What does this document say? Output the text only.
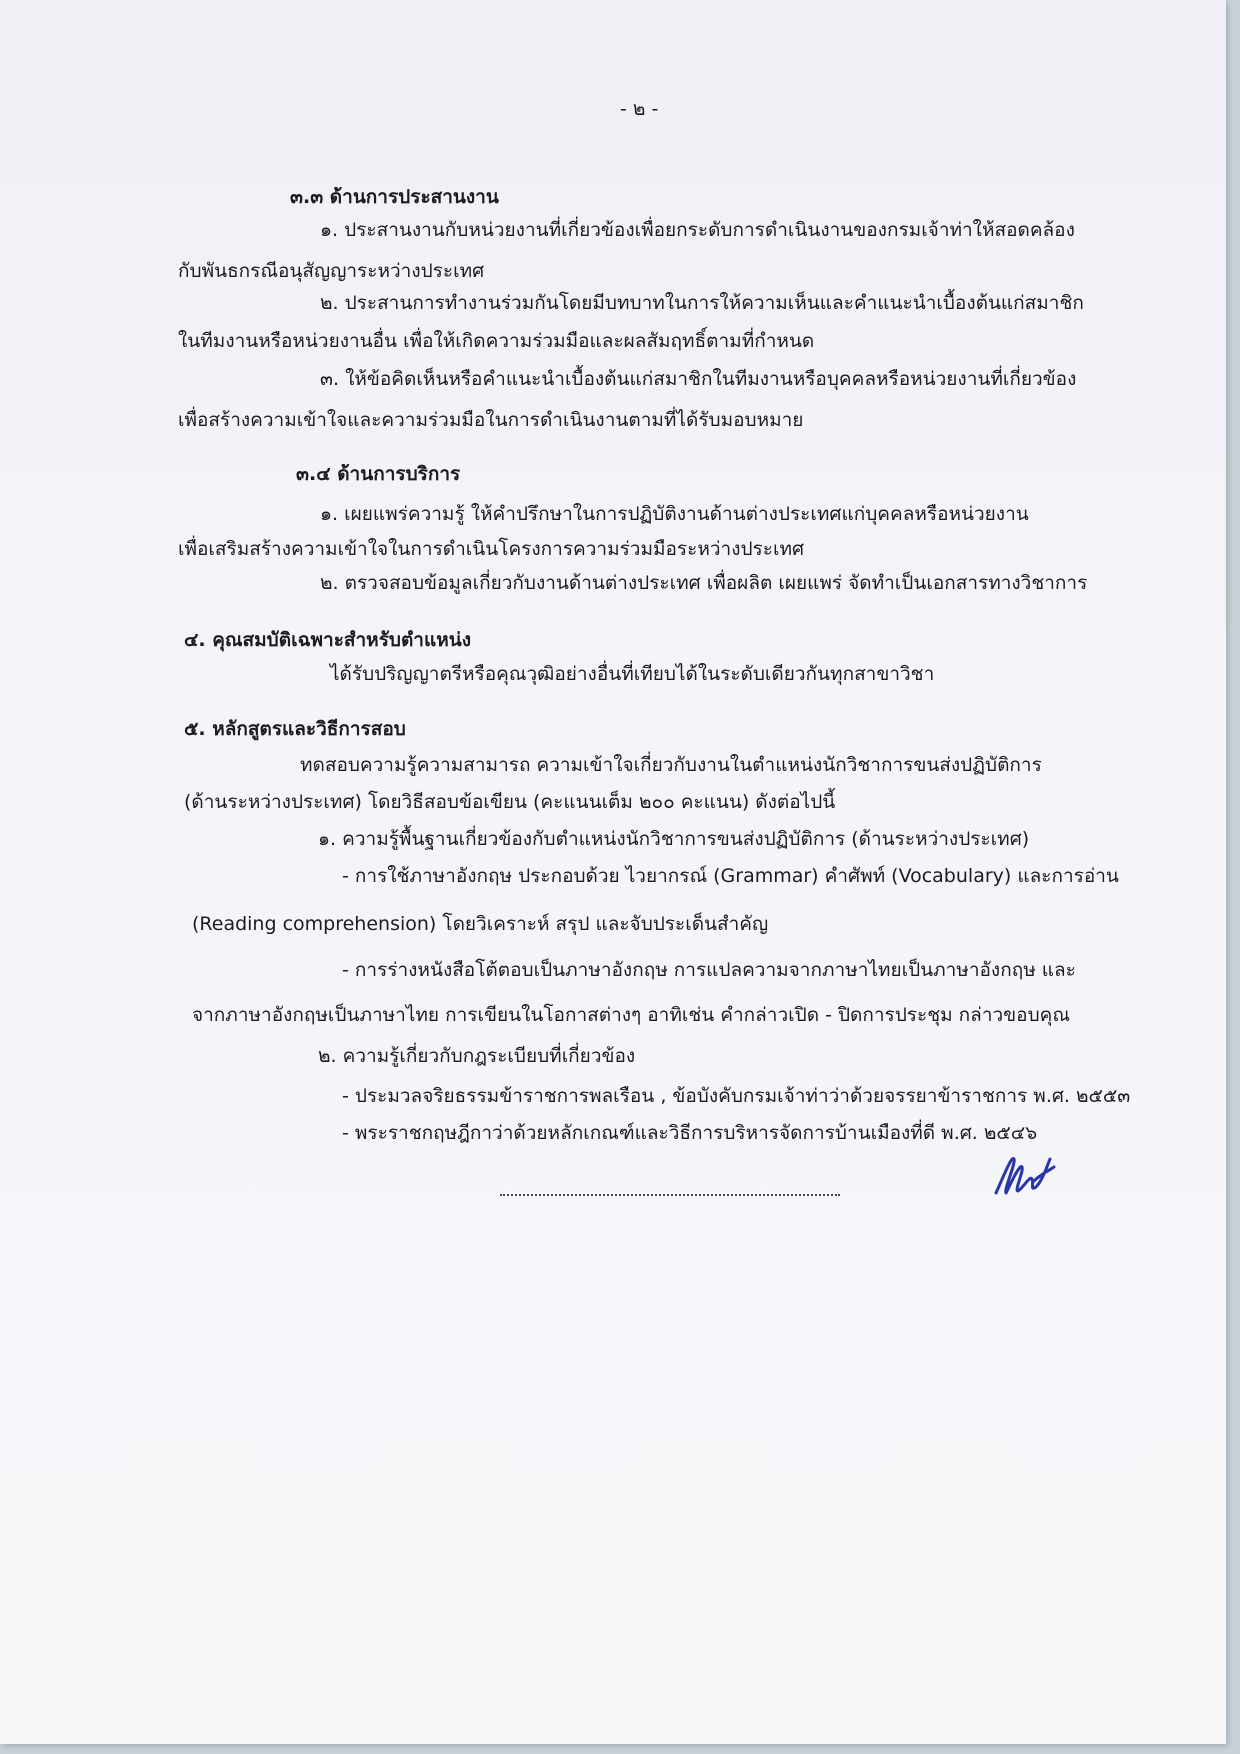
- ๒ -
๓.๓ ด้านการประสานงาน
๑. ประสานงานกับหน่วยงานที่เกี่ยวข้องเพื่อยกระดับการดำเนินงานของกรมเจ้าท่าให้สอดคล้อง
กับพันธกรณีอนุสัญญาระหว่างประเทศ
๒. ประสานการทำงานร่วมกันโดยมีบทบาทในการให้ความเห็นและคำแนะนำเบื้องต้นแก่สมาชิก
ในทีมงานหรือหน่วยงานอื่น เพื่อให้เกิดความร่วมมือและผลสัมฤทธิ์ตามที่กำหนด
๓. ให้ข้อคิดเห็นหรือคำแนะนำเบื้องต้นแก่สมาชิกในทีมงานหรือบุคคลหรือหน่วยงานที่เกี่ยวข้อง
เพื่อสร้างความเข้าใจและความร่วมมือในการดำเนินงานตามที่ได้รับมอบหมาย
๓.๔ ด้านการบริการ
๑. เผยแพร่ความรู้ ให้คำปรึกษาในการปฏิบัติงานด้านต่างประเทศแก่บุคคลหรือหน่วยงาน
เพื่อเสริมสร้างความเข้าใจในการดำเนินโครงการความร่วมมือระหว่างประเทศ
๒. ตรวจสอบข้อมูลเกี่ยวกับงานด้านต่างประเทศ เพื่อผลิต เผยแพร่ จัดทำเป็นเอกสารทางวิชาการ
๔. คุณสมบัติเฉพาะสำหรับตำแหน่ง
ได้รับปริญญาตรีหรือคุณวุฒิอย่างอื่นที่เทียบได้ในระดับเดียวกันทุกสาขาวิชา
๕. หลักสูตรและวิธีการสอบ
ทดสอบความรู้ความสามารถ ความเข้าใจเกี่ยวกับงานในตำแหน่งนักวิชาการขนส่งปฏิบัติการ
(ด้านระหว่างประเทศ) โดยวิธีสอบข้อเขียน (คะแนนเต็ม ๒๐๐ คะแนน) ดังต่อไปนี้
๑. ความรู้พื้นฐานเกี่ยวข้องกับตำแหน่งนักวิชาการขนส่งปฏิบัติการ (ด้านระหว่างประเทศ)
- การใช้ภาษาอังกฤษ ประกอบด้วย ไวยากรณ์ (Grammar) คำศัพท์ (Vocabulary) และการอ่าน
(Reading comprehension) โดยวิเคราะห์ สรุป และจับประเด็นสำคัญ
- การร่างหนังสือโต้ตอบเป็นภาษาอังกฤษ การแปลความจากภาษาไทยเป็นภาษาอังกฤษ และ
จากภาษาอังกฤษเป็นภาษาไทย การเขียนในโอกาสต่างๆ อาทิเช่น คำกล่าวเปิด - ปิดการประชุม กล่าวขอบคุณ
๒. ความรู้เกี่ยวกับกฎระเบียบที่เกี่ยวข้อง
- ประมวลจริยธรรมข้าราชการพลเรือน , ข้อบังคับกรมเจ้าท่าว่าด้วยจรรยาข้าราชการ พ.ศ. ๒๕๕๓
- พระราชกฤษฎีกาว่าด้วยหลักเกณฑ์และวิธีการบริหารจัดการบ้านเมืองที่ดี พ.ศ. ๒๕๔๖
